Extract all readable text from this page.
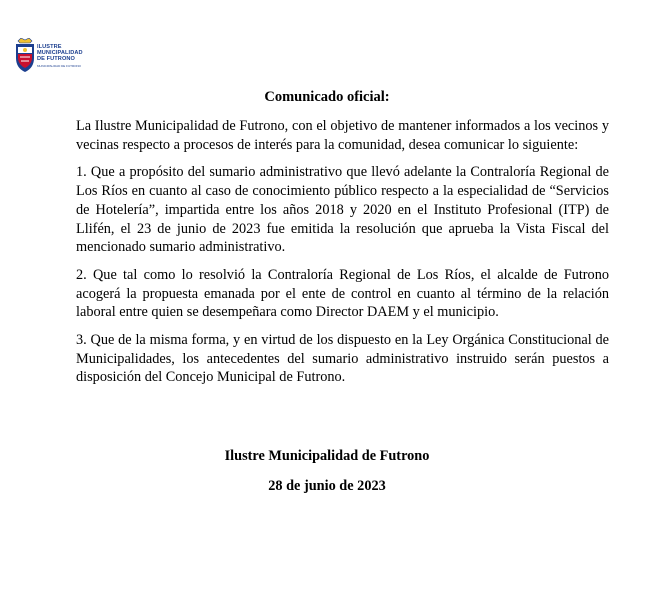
ILUSTRE
MUNICIPALIDAD
DE FUTRONO
MUNICIPALIDAD DE FUTRONO
Comunicado oficial:

La Ilustre Municipalidad de Futrono, con el objetivo de mantener informados a los vecinos y vecinas respecto a procesos de interés para la comunidad, desea comunicar lo siguiente:

1. Que a propósito del sumario administrativo que llevó adelante la Contraloría Regional de Los Ríos en cuanto al caso de conocimiento público respecto a la especialidad de “Servicios de Hotelería”, impartida entre los años 2018 y 2020 en el Instituto Profesional (ITP) de Llifén, el 23 de junio de 2023 fue emitida la resolución que aprueba la Vista Fiscal del mencionado sumario administrativo.

2. Que tal como lo resolvió la Contraloría Regional de Los Ríos, el alcalde de Futrono acogerá la propuesta emanada por el ente de control en cuanto al término de la relación laboral entre quien se desempeñara como Director DAEM y el municipio.

3. Que de la misma forma, y en virtud de los dispuesto en la Ley Orgánica Constitucional de Municipalidades, los antecedentes del sumario administrativo instruido serán puestos a disposición del Concejo Municipal de Futrono.

Ilustre Municipalidad de Futrono
28 de junio de 2023
